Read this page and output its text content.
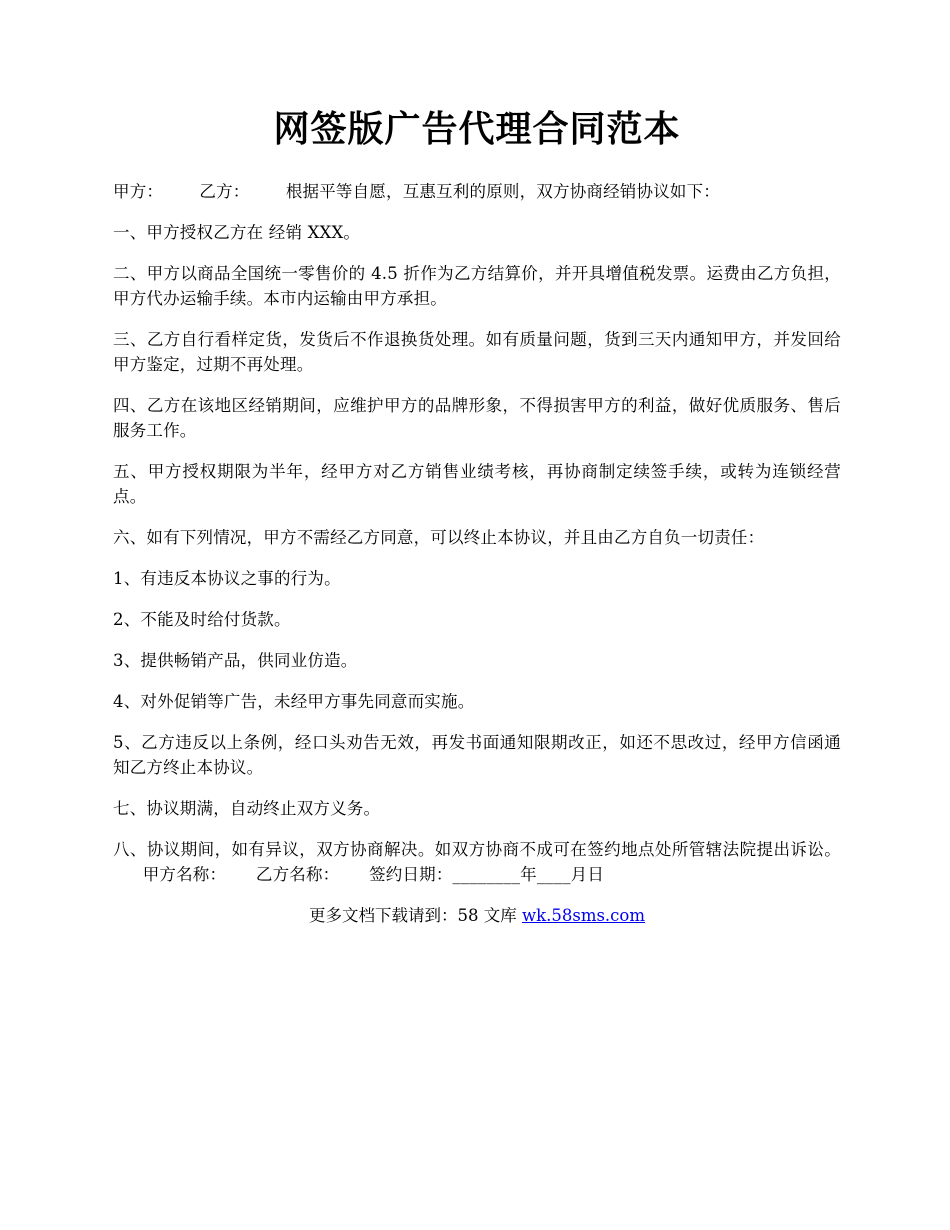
网签版广告代理合同范本

甲方： 乙方： 根据平等自愿，互惠互利的原则，双方协商经销协议如下：

一、甲方授权乙方在 经销 XXX。

二、甲方以商品全国统一零售价的 4.5 折作为乙方结算价，并开具增值税发票。运费由乙方负担，甲方代办运输手续。本市内运输由甲方承担。

三、乙方自行看样定货，发货后不作退换货处理。如有质量问题，货到三天内通知甲方，并发回给甲方鉴定，过期不再处理。

四、乙方在该地区经销期间，应维护甲方的品牌形象，不得损害甲方的利益，做好优质服务、售后服务工作。

五、甲方授权期限为半年，经甲方对乙方销售业绩考核，再协商制定续签手续，或转为连锁经营点。

六、如有下列情况，甲方不需经乙方同意，可以终止本协议，并且由乙方自负一切责任：

1、有违反本协议之事的行为。

2、不能及时给付货款。

3、提供畅销产品，供同业仿造。

4、对外促销等广告，未经甲方事先同意而实施。

5、乙方违反以上条例，经口头劝告无效，再发书面通知限期改正，如还不思改过，经甲方信函通知乙方终止本协议。

七、协议期满，自动终止双方义务。

八、协议期间，如有异议，双方协商解决。如双方协商不成可在签约地点处所管辖法院提出诉讼。甲方名称： 乙方名称： 签约日期：________年____月日

更多文档下载请到：58 文库 wk.58sms.com
